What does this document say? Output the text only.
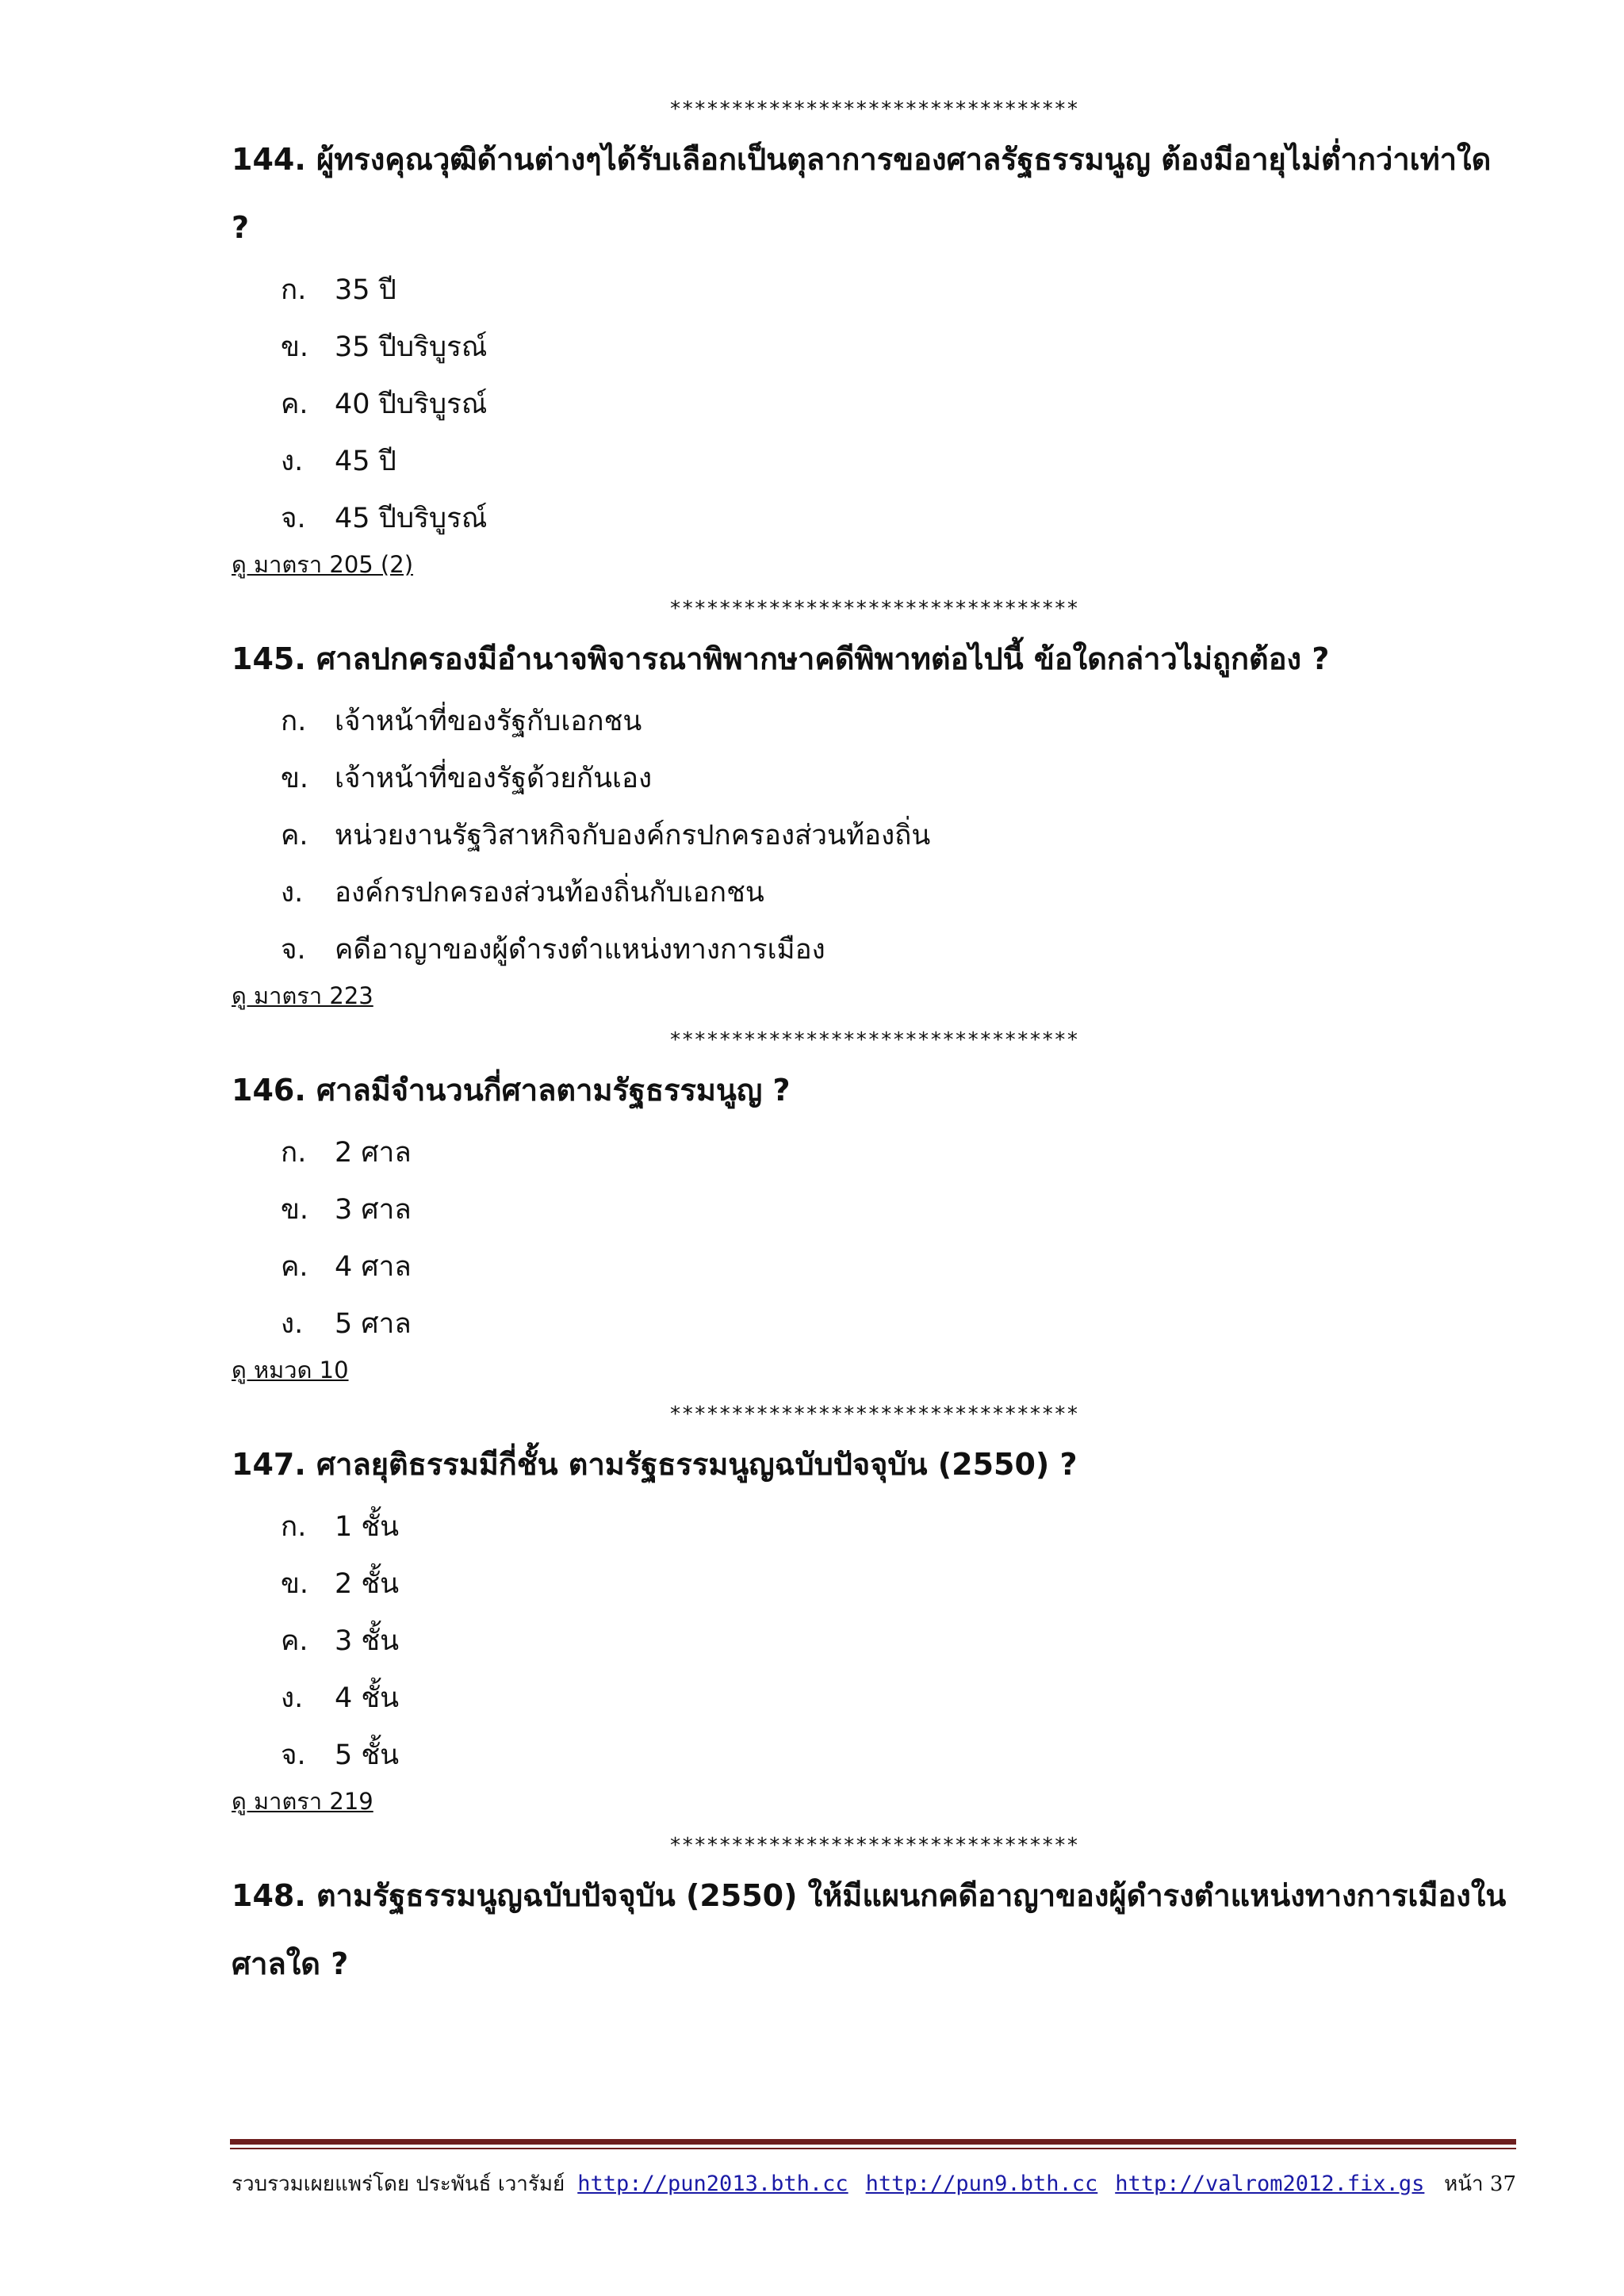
*********************************
144. ผู้ทรงคุณวุฒิด้านต่างๆได้รับเลือกเป็นตุลาการของศาลรัฐธรรมนูญ ต้องมีอายุไม่ต่ำกว่าเท่าใด ?
ก.	35 ปี
ข. 35 ปีบริบูรณ์
ค. 40 ปีบริบูรณ์
ง.	45 ปี
จ.	45 ปีบริบูรณ์
ดู มาตรา 205 (2)
*********************************
145. ศาลปกครองมีอำนาจพิจารณาพิพากษาคดีพิพาทต่อไปนี้ ข้อใดกล่าวไม่ถูกต้อง ?
ก.	เจ้าหน้าที่ของรัฐกับเอกชน
ข. เจ้าหน้าที่ของรัฐด้วยกันเอง
ค. หน่วยงานรัฐวิสาหกิจกับองค์กรปกครองส่วนท้องถิ่น
ง.	องค์กรปกครองส่วนท้องถิ่นกับเอกชน
จ.	คดีอาญาของผู้ดำรงตำแหน่งทางการเมือง
ดู มาตรา 223
*********************************
146. ศาลมีจำนวนกี่ศาลตามรัฐธรรมนูญ ?
ก.	2 ศาล
ข. 3 ศาล
ค. 4 ศาล
ง.	5 ศาล
ดู หมวด 10
*********************************
147. ศาลยุติธรรมมีกี่ชั้น ตามรัฐธรรมนูญฉบับปัจจุบัน (2550) ?
ก.	1 ชั้น
ข. 2 ชั้น
ค. 3 ชั้น
ง.	4 ชั้น
จ.	5 ชั้น
ดู มาตรา 219
*********************************
148. ตามรัฐธรรมนูญฉบับปัจจุบัน (2550) ให้มีแผนกคดีอาญาของผู้ดำรงตำแหน่งทางการเมืองในศาลใด ?
รวบรวมเผยแพร่โดย ประพันธ์ เวารัมย์ http://pun2013.bth.cc http://pun9.bth.cc http://valrom2012.fix.gs หน้า 37
